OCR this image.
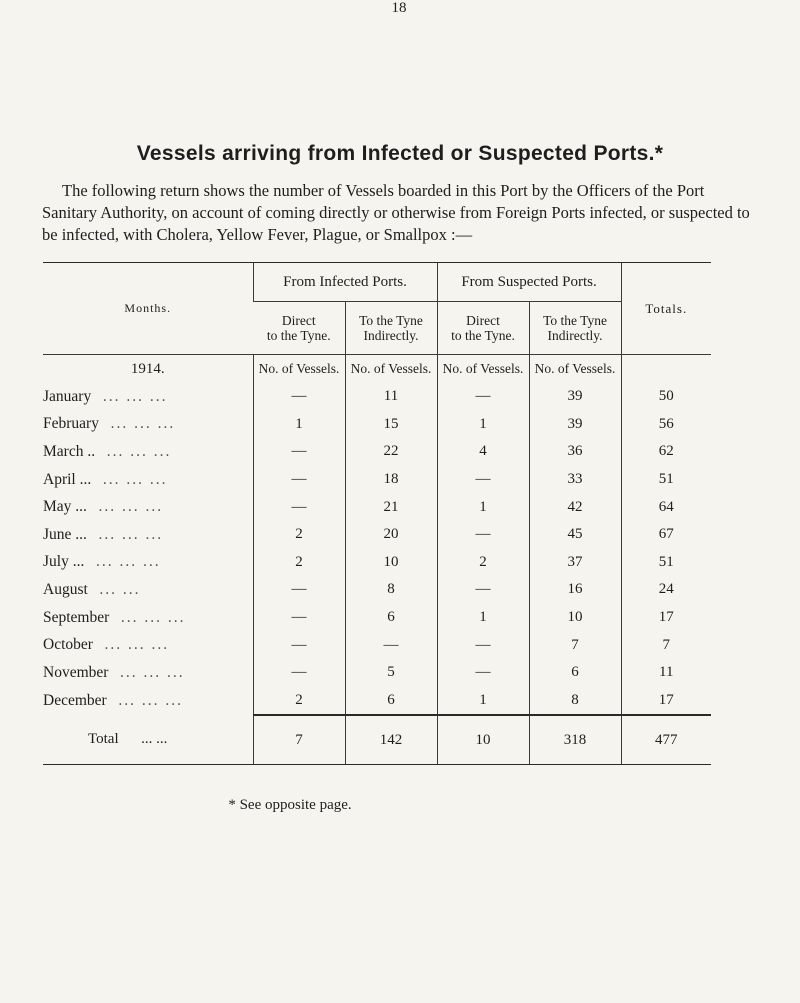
18
Vessels arriving from Infected or Suspected Ports.*
The following return shows the number of Vessels boarded in this Port by the Officers of the Port
Sanitary Authority, on account of coming directly or otherwise from Foreign Ports infected, or suspected to
be infected, with Cholera, Yellow Fever, Plague, or Smallpox :—
Months.	From Infected Ports.		From Suspected Ports.		Totals.
	Direct
to the Tyne.	To the Tyne
Indirectly.	Direct
to the Tyne.	To the Tyne
Indirectly.	
1914.	No. of Vessels.	No. of Vessels.	No. of Vessels.	No. of Vessels.	
January ... ... ...	—	11	—	39	50
February ... ... ...	1	15	1	39	56
March .. ... ... ...	—	22	4	36	62
April ... ... ... ...	—	18	—	33	51
May ... ... ... ...	—	21	1	42	64
June ... ... ... ...	2	20	—	45	67
July ... ... ... ...	2	10	2	37	51
August ... ...	—	8	—	16	24
September ... ... ...	—	6	1	10	17
October ... ... ...	—	—	—	7	7
November ... ... ...	—	5	—	6	11
December ... ... ...	2	6	1	8	17
Total ... ...	7	142	10	318	477
* See opposite page.
